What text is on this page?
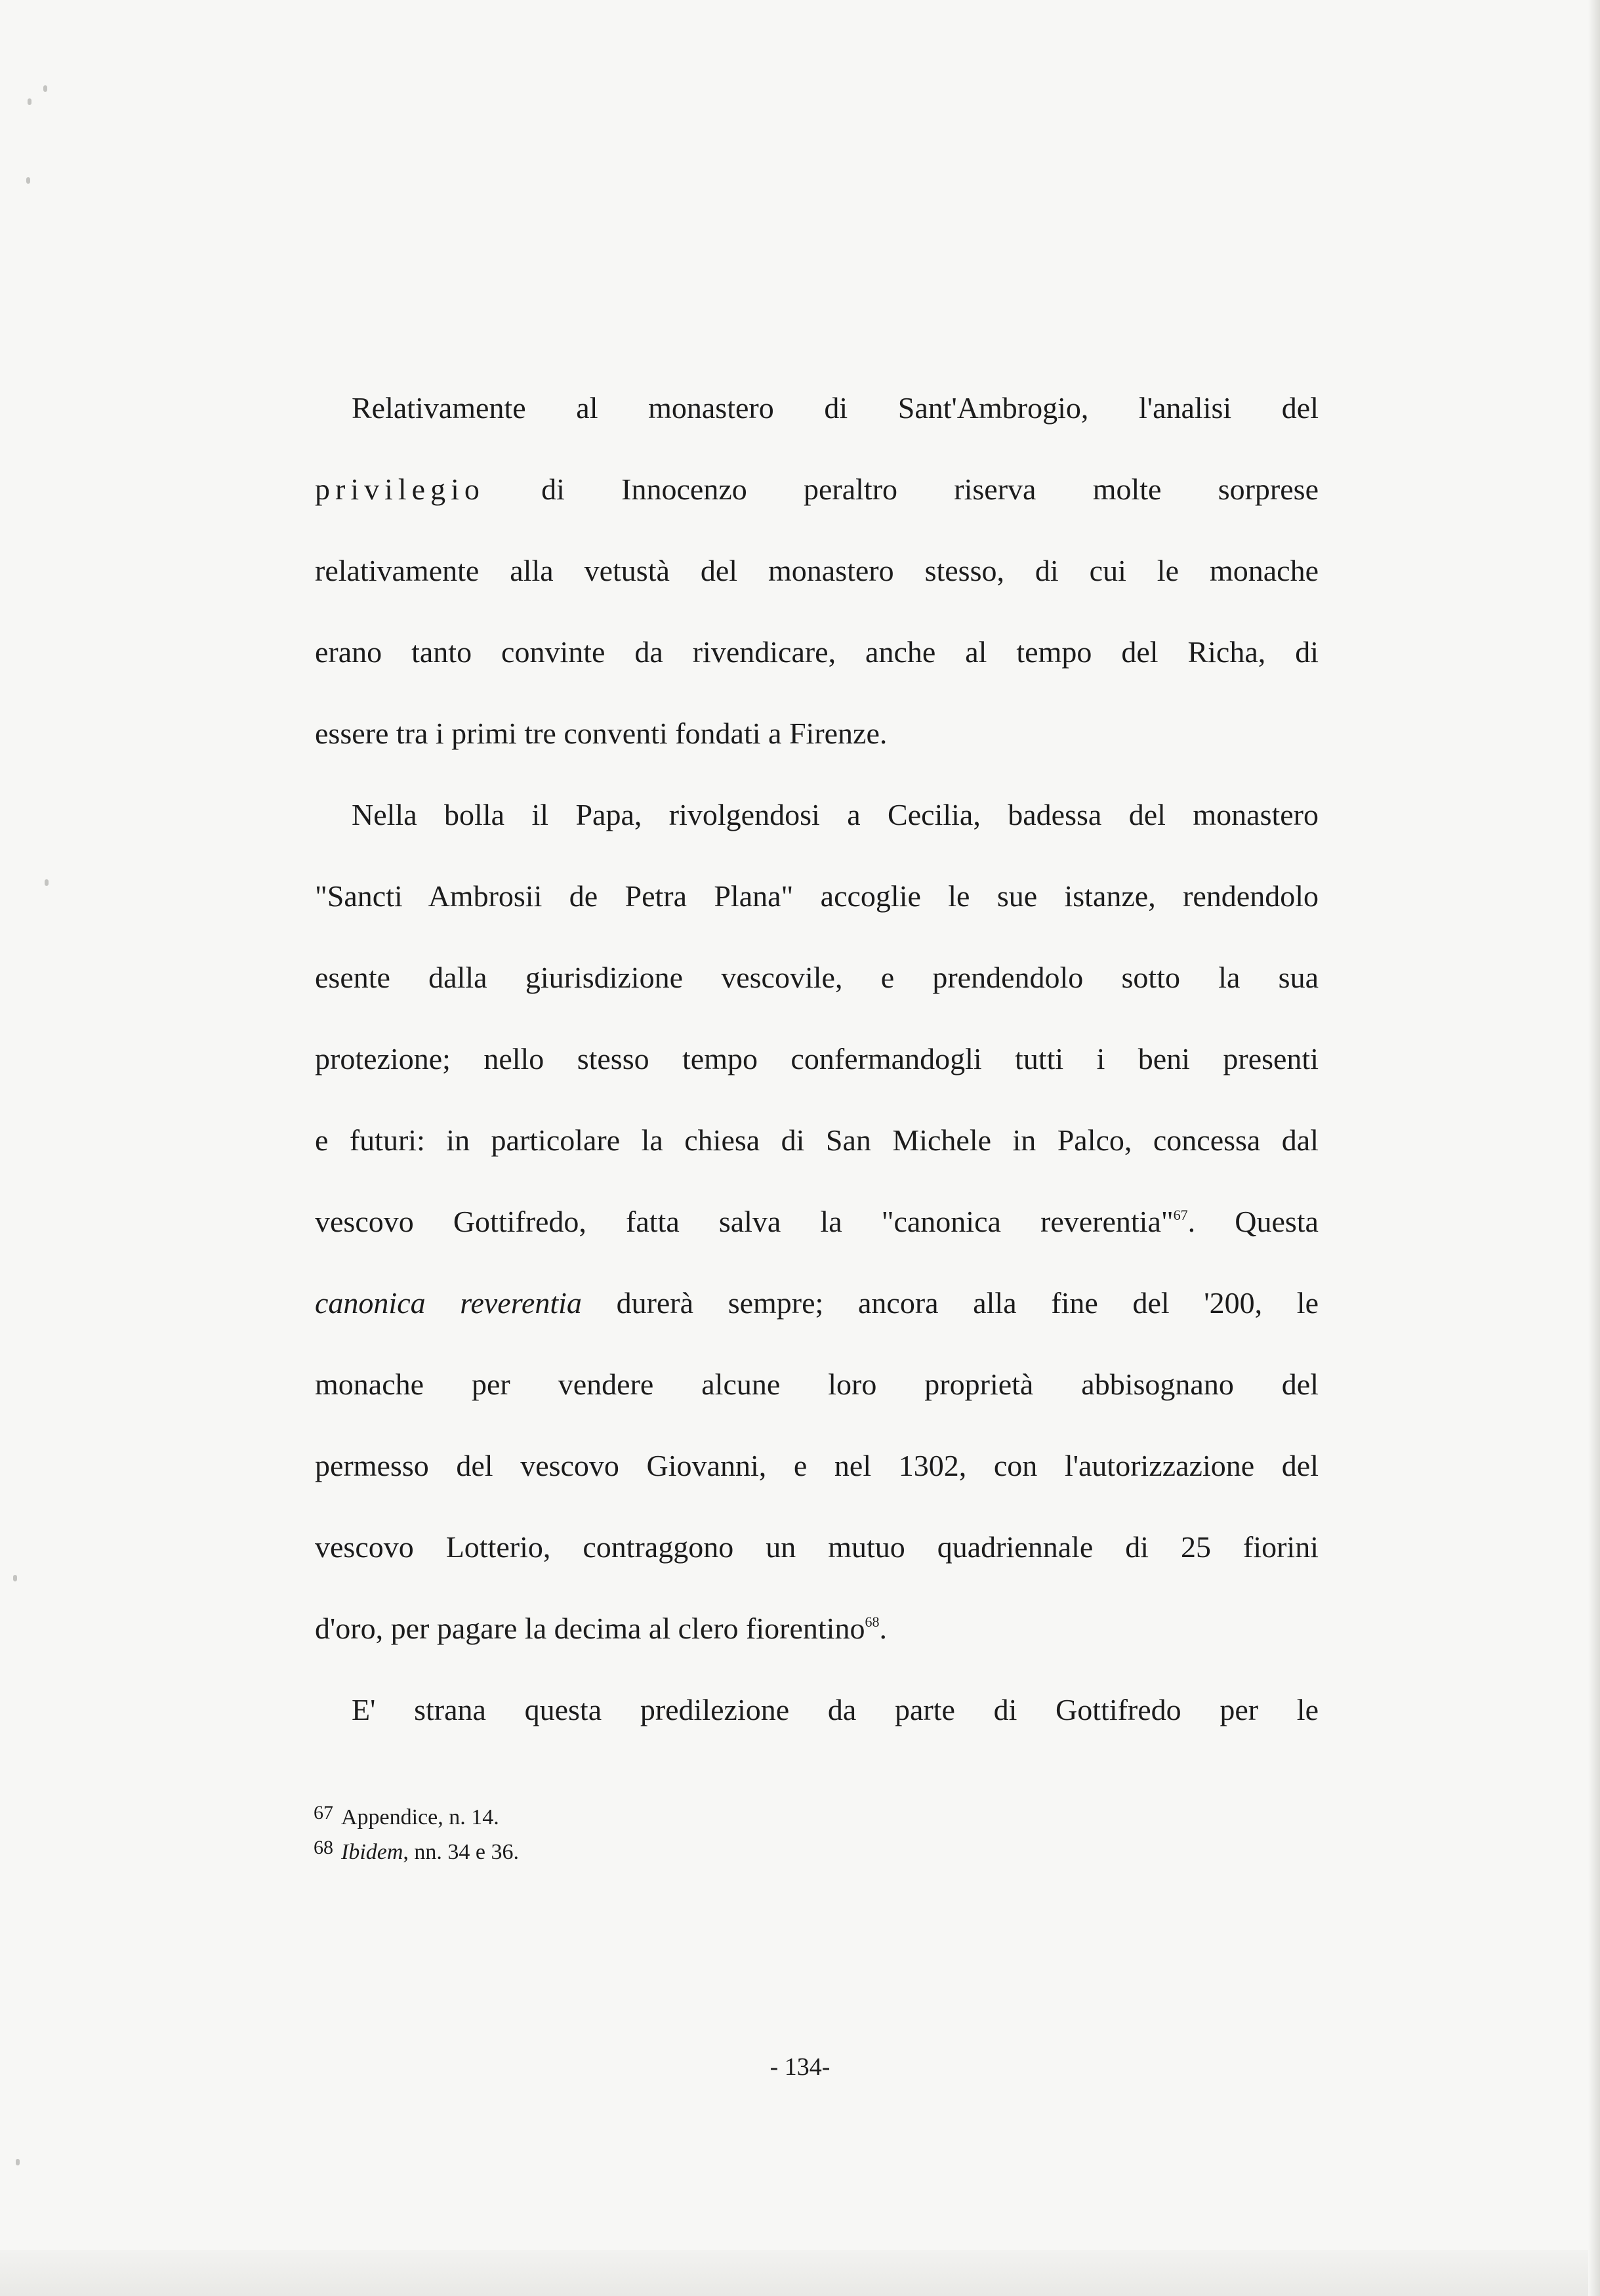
Relativamente al monastero di Sant'Ambrogio, l'analisi del
privilegio di Innocenzo peraltro riserva molte sorprese
relativamente alla vetustà del monastero stesso, di cui le monache
erano tanto convinte da rivendicare, anche al tempo del Richa, di
essere tra i primi tre conventi fondati a Firenze.
Nella bolla il Papa, rivolgendosi a Cecilia, badessa del monastero
"Sancti Ambrosii de Petra Plana" accoglie le sue istanze, rendendolo
esente dalla giurisdizione vescovile, e prendendolo sotto la sua
protezione; nello stesso tempo confermandogli tutti i beni presenti
e futuri: in particolare la chiesa di San Michele in Palco, concessa dal
vescovo Gottifredo, fatta salva la "canonica reverentia"$^{67}$. Questa
canonica reverentia durerà sempre; ancora alla fine del '200, le
monache per vendere alcune loro proprietà abbisognano del
permesso del vescovo Giovanni, e nel 1302, con l'autorizzazione del
vescovo Lotterio, contraggono un mutuo quadriennale di 25 fiorini
d'oro, per pagare la decima al clero fiorentino$^{68}$.
E' strana questa predilezione da parte di Gottifredo per le
67 Appendice, n. 14.
68 Ibidem, nn. 34 e 36.
- 134-
